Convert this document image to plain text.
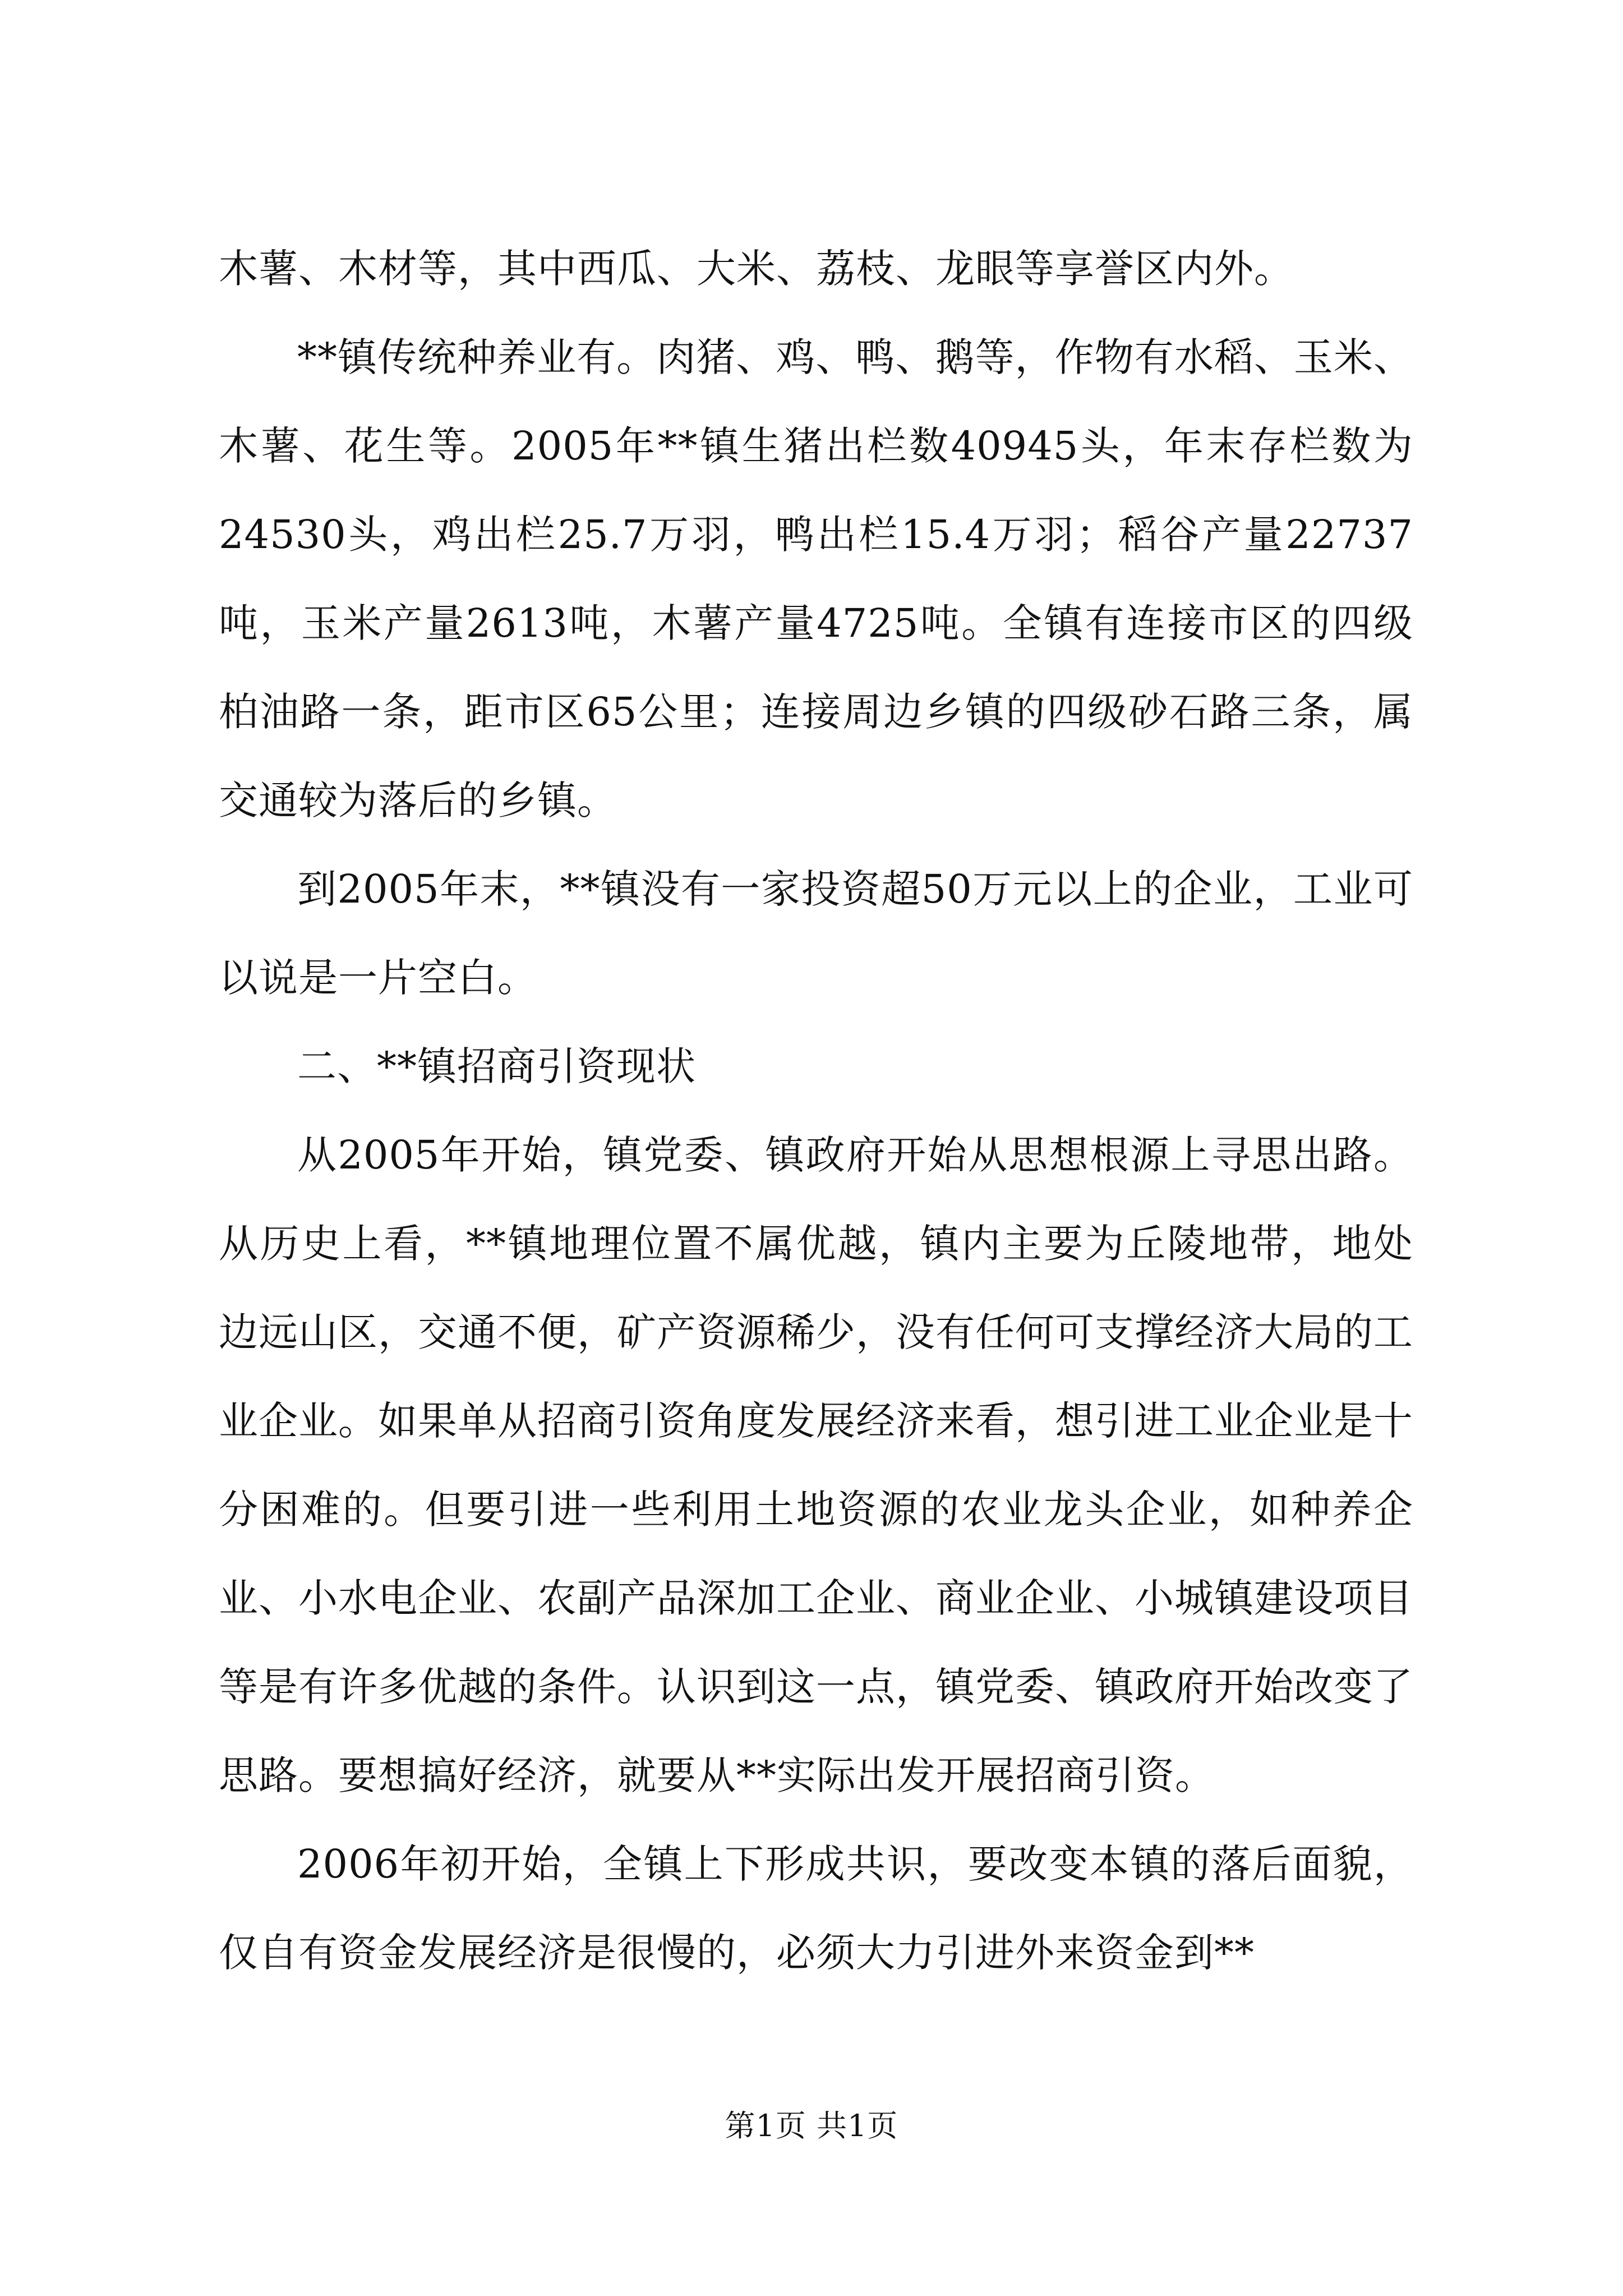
木薯、木材等，其中西瓜、大米、荔枝、龙眼等享誉区内外。

**镇传统种养业有。肉猪、鸡、鸭、鹅等，作物有水稻、玉米、木薯、花生等。2005年**镇生猪出栏数40945头，年末存栏数为24530头，鸡出栏25.7万羽，鸭出栏15.4万羽；稻谷产量22737吨，玉米产量2613吨，木薯产量4725吨。全镇有连接市区的四级柏油路一条，距市区65公里；连接周边乡镇的四级砂石路三条，属交通较为落后的乡镇。

到2005年末，**镇没有一家投资超50万元以上的企业，工业可以说是一片空白。

二、**镇招商引资现状

从2005年开始，镇党委、镇政府开始从思想根源上寻思出路。从历史上看，**镇地理位置不属优越，镇内主要为丘陵地带，地处边远山区，交通不便，矿产资源稀少，没有任何可支撑经济大局的工业企业。如果单从招商引资角度发展经济来看，想引进工业企业是十分困难的。但要引进一些利用土地资源的农业龙头企业，如种养企业、小水电企业、农副产品深加工企业、商业企业、小城镇建设项目等是有许多优越的条件。认识到这一点，镇党委、镇政府开始改变了思路。要想搞好经济，就要从**实际出发开展招商引资。

2006年初开始，全镇上下形成共识，要改变本镇的落后面貌，仅自有资金发展经济是很慢的，必须大力引进外来资金到**

第1页 共1页
